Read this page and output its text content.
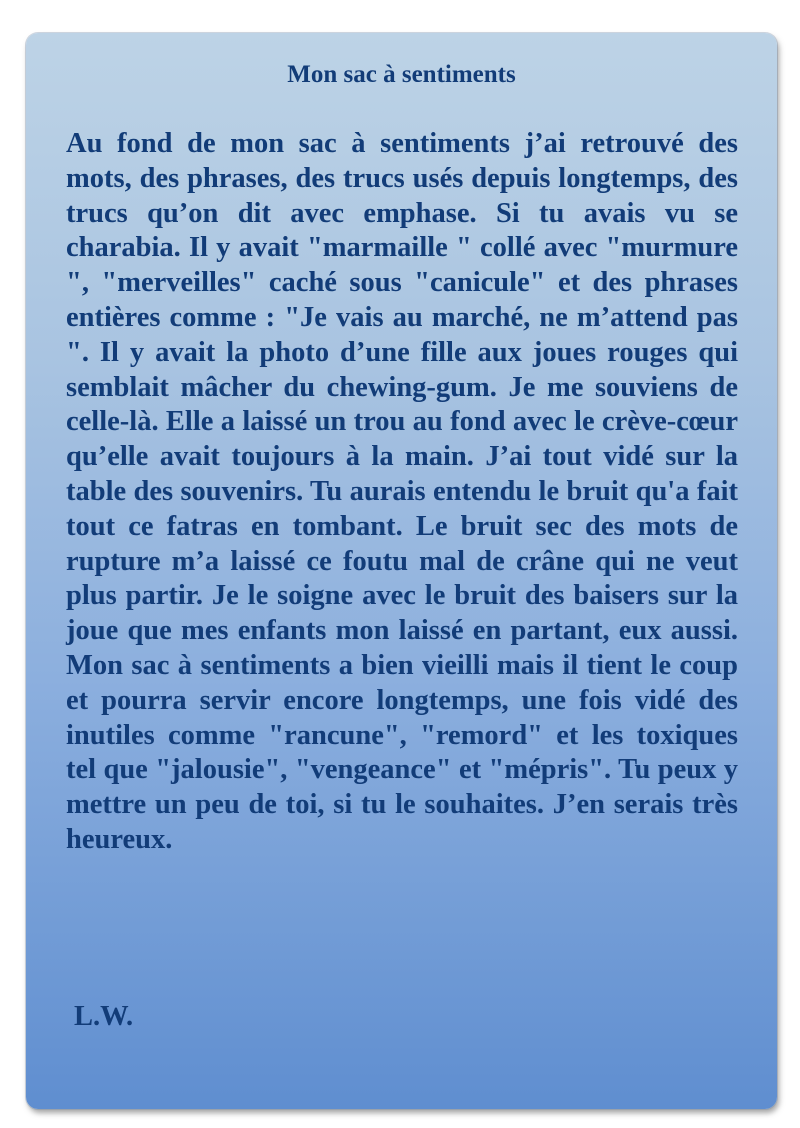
Mon sac à sentiments

Au fond de mon sac à sentiments j’ai retrouvé des mots, des phrases, des trucs usés depuis longtemps, des trucs qu’on dit avec emphase. Si tu avais vu se charabia. Il y avait "marmaille " collé avec "murmure ", "merveilles" caché sous "canicule" et des phrases entières comme : "Je vais au marché, ne m’attend pas ". Il y avait la photo d’une fille aux joues rouges qui semblait mâcher du chewing-gum. Je me souviens de celle-là. Elle a laissé un trou au fond avec le crève-cœur qu’elle avait toujours à la main. J’ai tout vidé sur la table des souvenirs. Tu aurais entendu le bruit qu'a fait tout ce fatras en tombant. Le bruit sec des mots de rupture m’a laissé ce foutu mal de crâne qui ne veut plus partir. Je le soigne avec le bruit des baisers sur la joue que mes enfants mon laissé en partant, eux aussi. Mon sac à sentiments a bien vieilli mais il tient le coup et pourra servir encore longtemps, une fois vidé des inutiles comme "rancune", "remord" et les toxiques tel que "jalousie", "vengeance" et "mépris". Tu peux y mettre un peu de toi, si tu le souhaites. J’en serais très heureux.

L.W.
